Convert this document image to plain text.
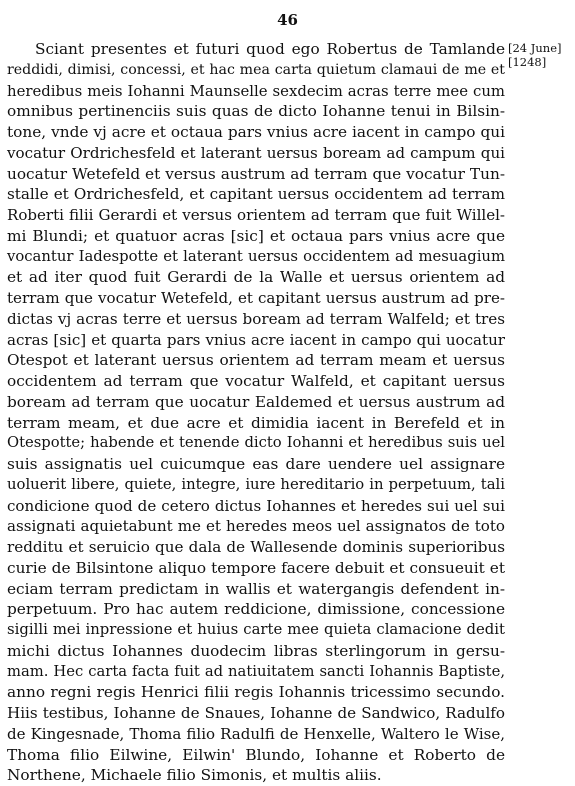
46
[24 June]
[1248]
Sciant presentes et futuri quod ego Robertus de Tamlande
reddidi, dimisi, concessi, et hac mea carta quietum clamaui de me et
heredibus meis Iohanni Maunselle sexdecim acras terre mee cum
omnibus pertinenciis suis quas de dicto Iohanne tenui in Bilsin-
tone, vnde vj acre et octaua pars vnius acre iacent in campo qui
vocatur Ordrichesfeld et laterant uersus boream ad campum qui
uocatur Wetefeld et versus austrum ad terram que vocatur Tun-
stalle et Ordrichesfeld, et capitant uersus occidentem ad terram
Roberti filii Gerardi et versus orientem ad terram que fuit Willel-
mi Blundi; et quatuor acras [sic] et octaua pars vnius acre que
vocantur Iadespotte et laterant uersus occidentem ad mesuagium
et ad iter quod fuit Gerardi de la Walle et uersus orientem ad
terram que vocatur Wetefeld, et capitant uersus austrum ad pre-
dictas vj acras terre et uersus boream ad terram Walfeld; et tres
acras [sic] et quarta pars vnius acre iacent in campo qui uocatur
Otespot et laterant uersus orientem ad terram meam et uersus
occidentem ad terram que vocatur Walfeld, et capitant uersus
boream ad terram que uocatur Ealdemed et uersus austrum ad
terram meam, et due acre et dimidia iacent in Berefeld et in
Otespotte; habende et tenende dicto Iohanni et heredibus suis uel
suis assignatis uel cuicumque eas dare uendere uel assignare
uoluerit libere, quiete, integre, iure hereditario in perpetuum, tali
condicione quod de cetero dictus Iohannes et heredes sui uel sui
assignati aquietabunt me et heredes meos uel assignatos de toto
redditu et seruicio que dala de Wallesende dominis superioribus
curie de Bilsintone aliquo tempore facere debuit et consueuit et
eciam terram predictam in wallis et watergangis defendent in-
perpetuum. Pro hac autem reddicione, dimissione, concessione
sigilli mei inpressione et huius carte mee quieta clamacione dedit
michi dictus Iohannes duodecim libras sterlingorum in gersu-
mam. Hec carta facta fuit ad natiuitatem sancti Iohannis Baptiste,
anno regni regis Henrici filii regis Iohannis tricessimo secundo.
Hiis testibus, Iohanne de Snaues, Iohanne de Sandwico, Radulfo
de Kingesnade, Thoma filio Radulfi de Henxelle, Waltero le Wise,
Thoma filio Eilwine, Eilwin' Blundo, Iohanne et Roberto de
Northene, Michaele filio Simonis, et multis aliis.
